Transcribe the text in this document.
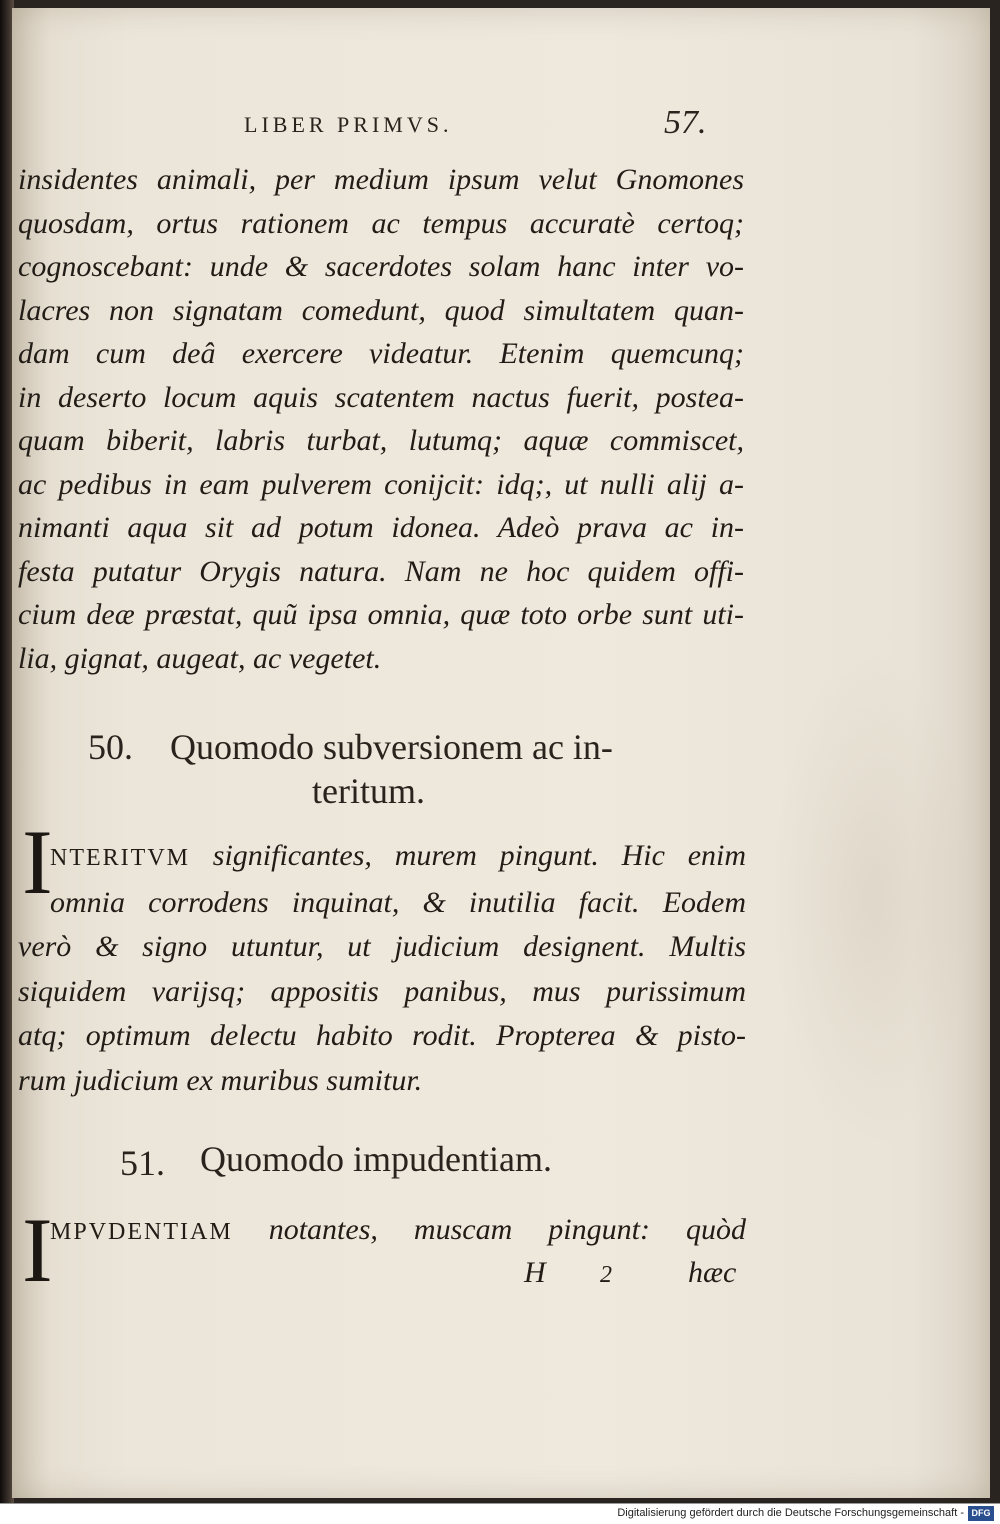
LIBER PRIMVS.	57.
insidentes animali, per medium ipsum velut Gnomones
quosdam, ortus rationem ac tempus accuratè certoq;
cognoscebant: unde & sacerdotes solam hanc inter vo-
lacres non signatam comedunt, quod simultatem quan-
dam cum deâ exercere videatur. Etenim quemcunq;
in deserto locum aquis scatentem nactus fuerit, postea-
quam biberit, labris turbat, lutumq; aquæ commiscet,
ac pedibus in eam pulverem conijcit: idq;, ut nulli alij a-
nimanti aqua sit ad potum idonea. Adeò prava ac in-
festa putatur Orygis natura. Nam ne hoc quidem offi-
cium deæ præstat, quũ ipsa omnia, quæ toto orbe sunt uti-
lia, gignat, augeat, ac vegetet.
50. Quomodo subversionem ac in-
teritum.
I
NTERITVM significantes, murem pingunt. Hic enim
omnia corrodens inquinat, & inutilia facit. Eodem
verò & signo utuntur, ut judicium designent. Multis
siquidem varijsq; appositis panibus, mus purissimum
atq; optimum delectu habito rodit. Propterea & pisto-
rum judicium ex muribus sumitur.
51. Quomodo impudentiam.
I
MPVDENTIAM notantes, muscam pingunt: quòd
H 2	hæc
Digitalisierung gefördert durch die Deutsche Forschungsgemeinschaft - DFG
